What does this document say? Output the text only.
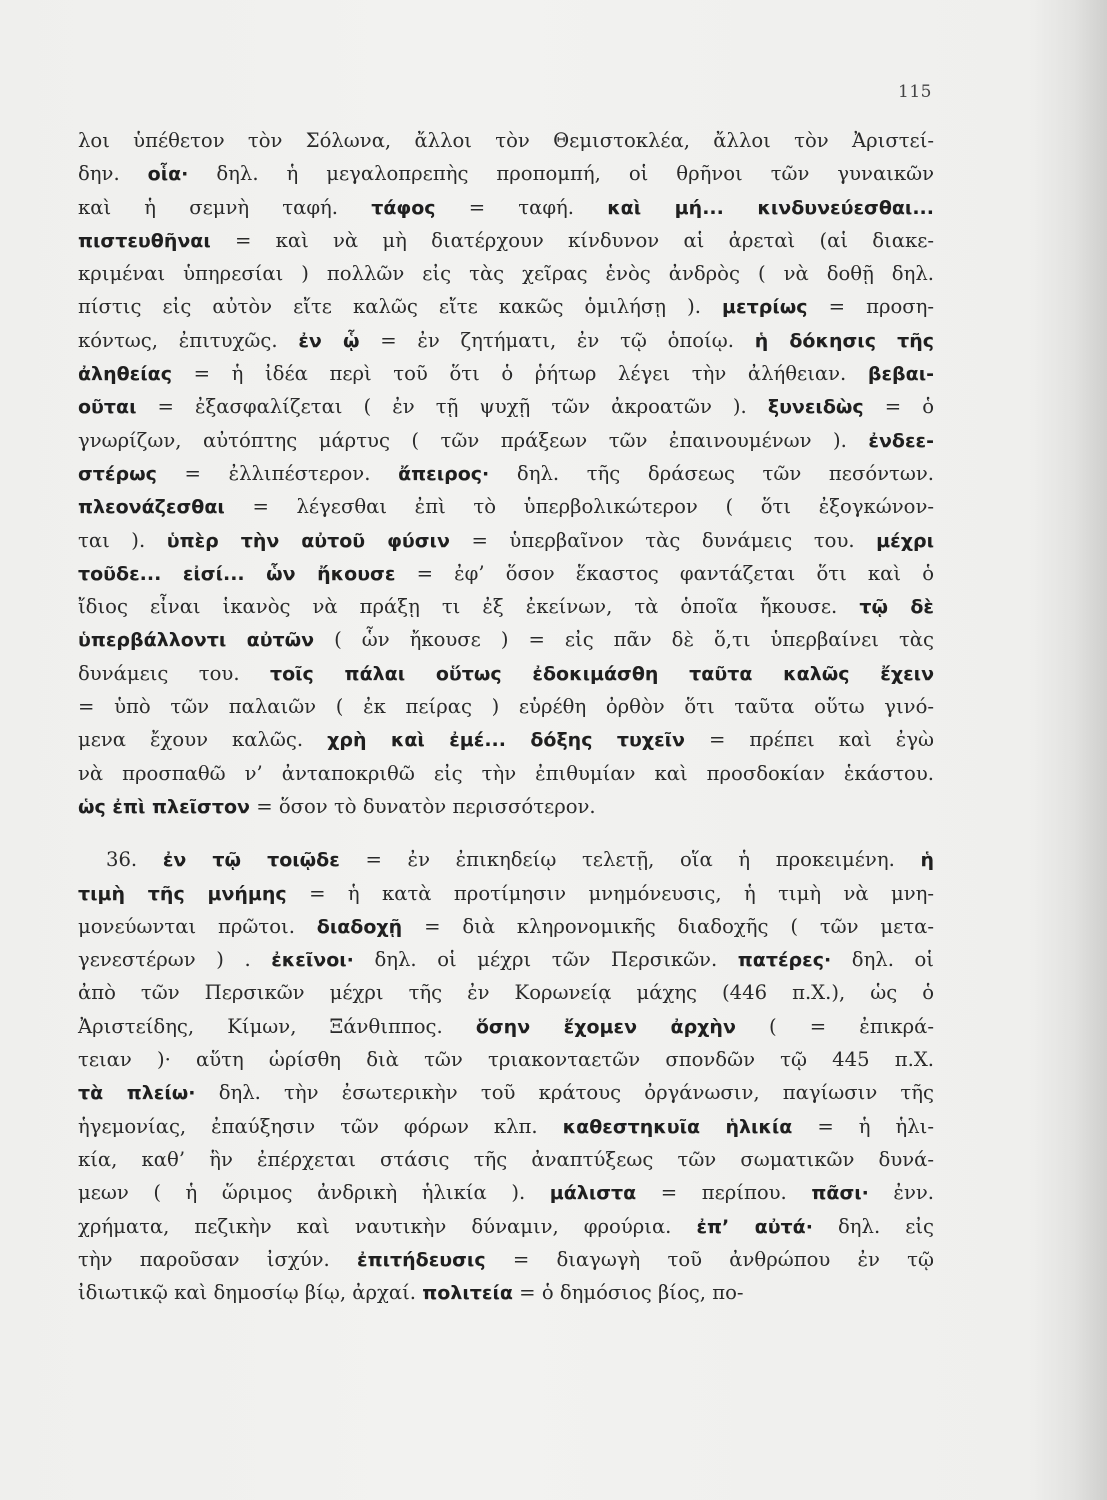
115
λοι ὑπέθετον τὸν Σόλωνα, ἄλλοι τὸν Θεμιστοκλέα, ἄλλοι τὸν Ἀριστεί-
δην. οἷα· δηλ. ἡ μεγαλοπρεπὴς προπομπή, οἱ θρῆνοι τῶν γυναικῶν
καὶ ἡ σεμνὴ ταφή. τάφος = ταφή. καὶ μή... κινδυνεύεσθαι...
πιστευθῆναι = καὶ νὰ μὴ διατέρχουν κίνδυνον αἱ ἀρεταὶ (αἱ διακε-
κριμέναι ὑπηρεσίαι ) πολλῶν εἰς τὰς χεῖρας ἑνὸς ἀνδρὸς ( νὰ δοθῇ δηλ.
πίστις εἰς αὐτὸν εἴτε καλῶς εἴτε κακῶς ὁμιλήσῃ ). μετρίως = προση-
κόντως, ἐπιτυχῶς. ἐν ᾧ = ἐν ζητήματι, ἐν τῷ ὁποίῳ. ἡ δόκησις τῆς
ἀληθείας = ἡ ἰδέα περὶ τοῦ ὅτι ὁ ῥήτωρ λέγει τὴν ἀλήθειαν. βεβαι-
οῦται = ἐξασφαλίζεται ( ἐν τῇ ψυχῇ τῶν ἀκροατῶν ). ξυνειδὼς = ὁ
γνωρίζων, αὐτόπτης μάρτυς ( τῶν πράξεων τῶν ἐπαινουμένων ). ἐνδεε-
στέρως = ἐλλιπέστερον. ἄπειρος· δηλ. τῆς δράσεως τῶν πεσόντων.
πλεονάζεσθαι = λέγεσθαι ἐπὶ τὸ ὑπερβολικώτερον ( ὅτι ἐξογκώνον-
ται ). ὑπὲρ τὴν αὐτοῦ φύσιν = ὑπερβαῖνον τὰς δυνάμεις του. μέχρι
τοῦδε... εἰσί... ὧν ἤκουσε = ἐφ’ ὅσον ἕκαστος φαντάζεται ὅτι καὶ ὁ
ἴδιος εἶναι ἱκανὸς νὰ πράξῃ τι ἐξ ἐκείνων, τὰ ὁποῖα ἤκουσε. τῷ δὲ
ὑπερβάλλοντι αὐτῶν ( ὧν ἤκουσε ) = εἰς πᾶν δὲ ὅ,τι ὑπερβαίνει τὰς
δυνάμεις του. τοῖς πάλαι οὕτως ἐδοκιμάσθη ταῦτα καλῶς ἔχειν
= ὑπὸ τῶν παλαιῶν ( ἐκ πείρας ) εὑρέθη ὀρθὸν ὅτι ταῦτα οὕτω γινό-
μενα ἔχουν καλῶς. χρὴ καὶ ἐμέ... δόξης τυχεῖν = πρέπει καὶ ἐγὼ
νὰ προσπαθῶ ν’ ἀνταποκριθῶ εἰς τὴν ἐπιθυμίαν καὶ προσδοκίαν ἑκάστου.
ὡς ἐπὶ πλεῖστον = ὅσον τὸ δυνατὸν περισσότερον.
36. ἐν τῷ τοιῷδε = ἐν ἐπικηδείῳ τελετῇ, οἵα ἡ προκειμένη. ἡ
τιμὴ τῆς μνήμης = ἡ κατὰ προτίμησιν μνημόνευσις, ἡ τιμὴ νὰ μνη-
μονεύωνται πρῶτοι. διαδοχῇ = διὰ κληρονομικῆς διαδοχῆς ( τῶν μετα-
γενεστέρων ) . ἐκεῖνοι· δηλ. οἱ μέχρι τῶν Περσικῶν. πατέρες· δηλ. οἱ
ἀπὸ τῶν Περσικῶν μέχρι τῆς ἐν Κορωνείᾳ μάχης (446 π.Χ.), ὡς ὁ
Ἀριστείδης, Κίμων, Ξάνθιππος. ὅσην ἔχομεν ἀρχὴν ( = ἐπικρά-
τειαν )· αὕτη ὡρίσθη διὰ τῶν τριακονταετῶν σπονδῶν τῷ 445 π.Χ.
τὰ πλείω· δηλ. τὴν ἐσωτερικὴν τοῦ κράτους ὀργάνωσιν, παγίωσιν τῆς
ἡγεμονίας, ἐπαύξησιν τῶν φόρων κλπ. καθεστηκυῖα ἡλικία = ἡ ἡλι-
κία, καθ’ ἣν ἐπέρχεται στάσις τῆς ἀναπτύξεως τῶν σωματικῶν δυνά-
μεων ( ἡ ὥριμος ἀνδρικὴ ἡλικία ). μάλιστα = περίπου. πᾶσι· ἐνν.
χρήματα, πεζικὴν καὶ ναυτικὴν δύναμιν, φρούρια. ἐπ’ αὐτά· δηλ. εἰς
τὴν παροῦσαν ἰσχύν. ἐπιτήδευσις = διαγωγὴ τοῦ ἀνθρώπου ἐν τῷ
ἰδιωτικῷ καὶ δημοσίῳ βίῳ, ἀρχαί. πολιτεία = ὁ δημόσιος βίος, πο-
